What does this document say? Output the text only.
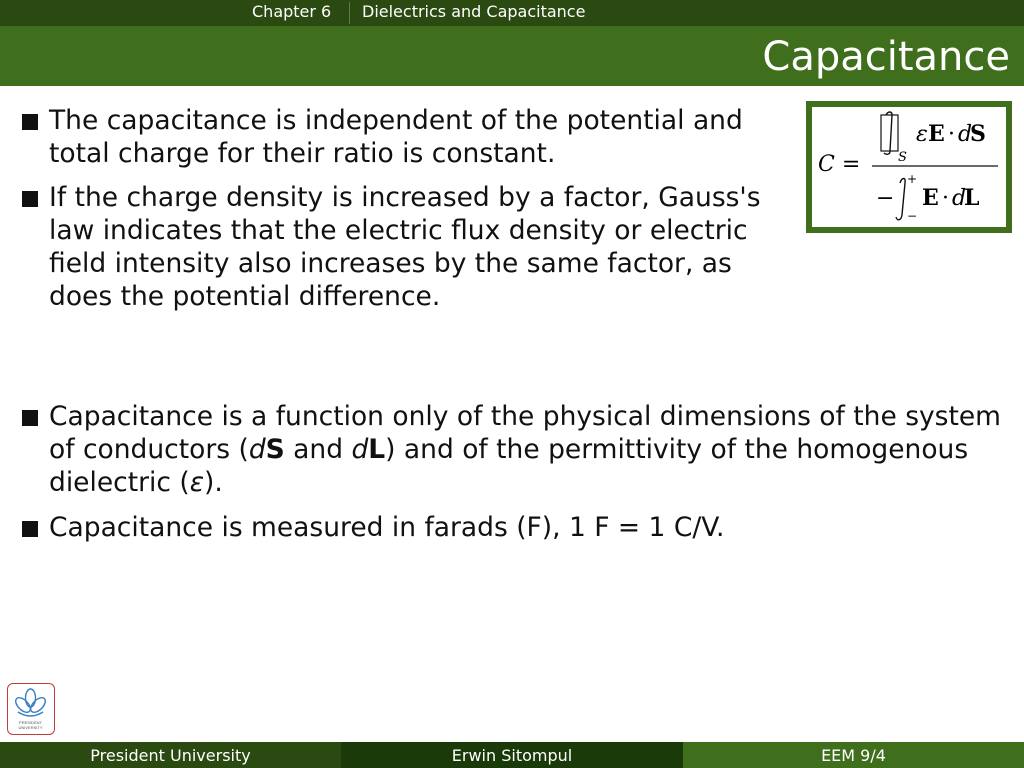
Chapter 6 Dielectrics and Capacitance
Capacitance
The capacitance is independent of the potential and total charge for their ratio is constant.
If the charge density is increased by a factor, Gauss's law indicates that the electric flux density or electric field intensity also increases by the same factor, as does the potential difference.
Capacitance is a function only of the physical dimensions of the system of conductors (dS and dL) and of the permittivity of the homogenous dielectric (ε).
Capacitance is measured in farads (F), 1 F = 1 C/V.
C =	S
ε E · d
S
−
+
−
E · d
L
PRESIDENT
UNIVERSITY
President University	Erwin Sitompul	EEM 9/4
